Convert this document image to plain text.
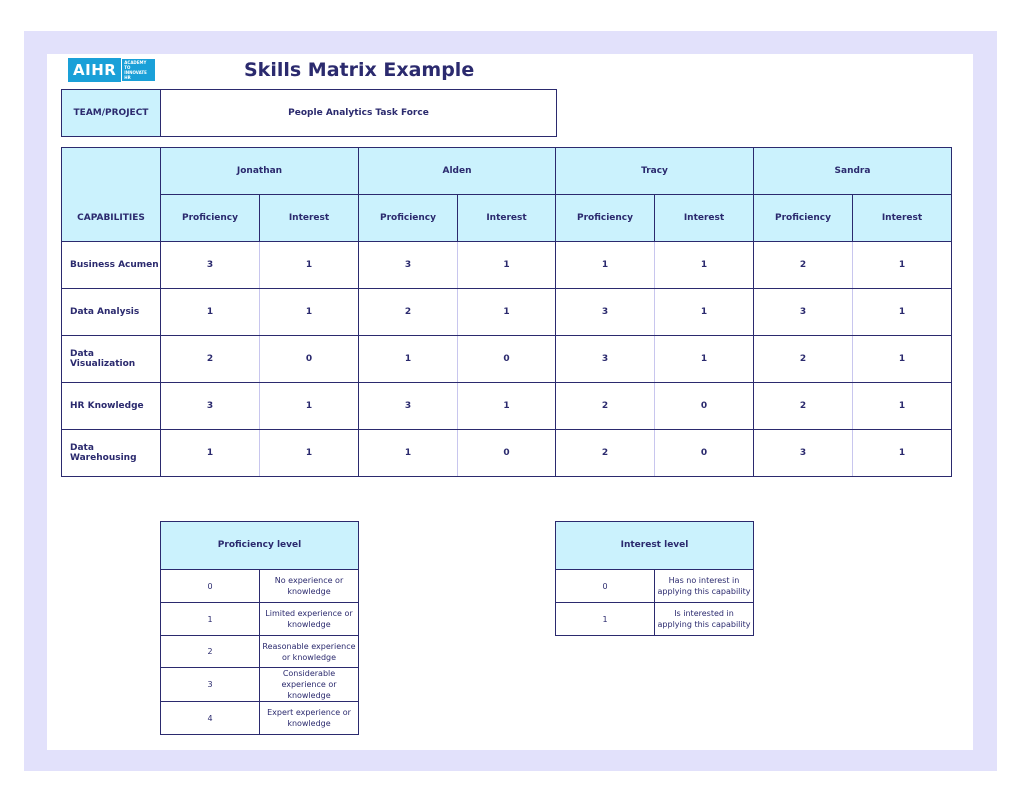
AIHR	ACADEMY TO INNOVATE HR	Skills Matrix Example
TEAM/PROJECT	People Analytics Task Force
CAPABILITIES	Jonathan		Alden		Tracy		Sandra	
	Proficiency	Interest	Proficiency	Interest	Proficiency	Interest	Proficiency	Interest
Business Acumen	3	1	3	1	1	1	2	1
Data Analysis	1	1	2	1	3	1	3	1
Data Visualization	2	0	1	0	3	1	2	1
HR Knowledge	3	1	3	1	2	0	2	1
Data Warehousing	1	1	1	0	2	0	3	1
Proficiency level	
0	No experience or knowledge
1	Limited experience or knowledge
2	Reasonable experience or knowledge
3	Considerable experience or knowledge
4	Expert experience or knowledge
Interest level	
0	Has no interest in applying this capability
1	Is interested in applying this capability
